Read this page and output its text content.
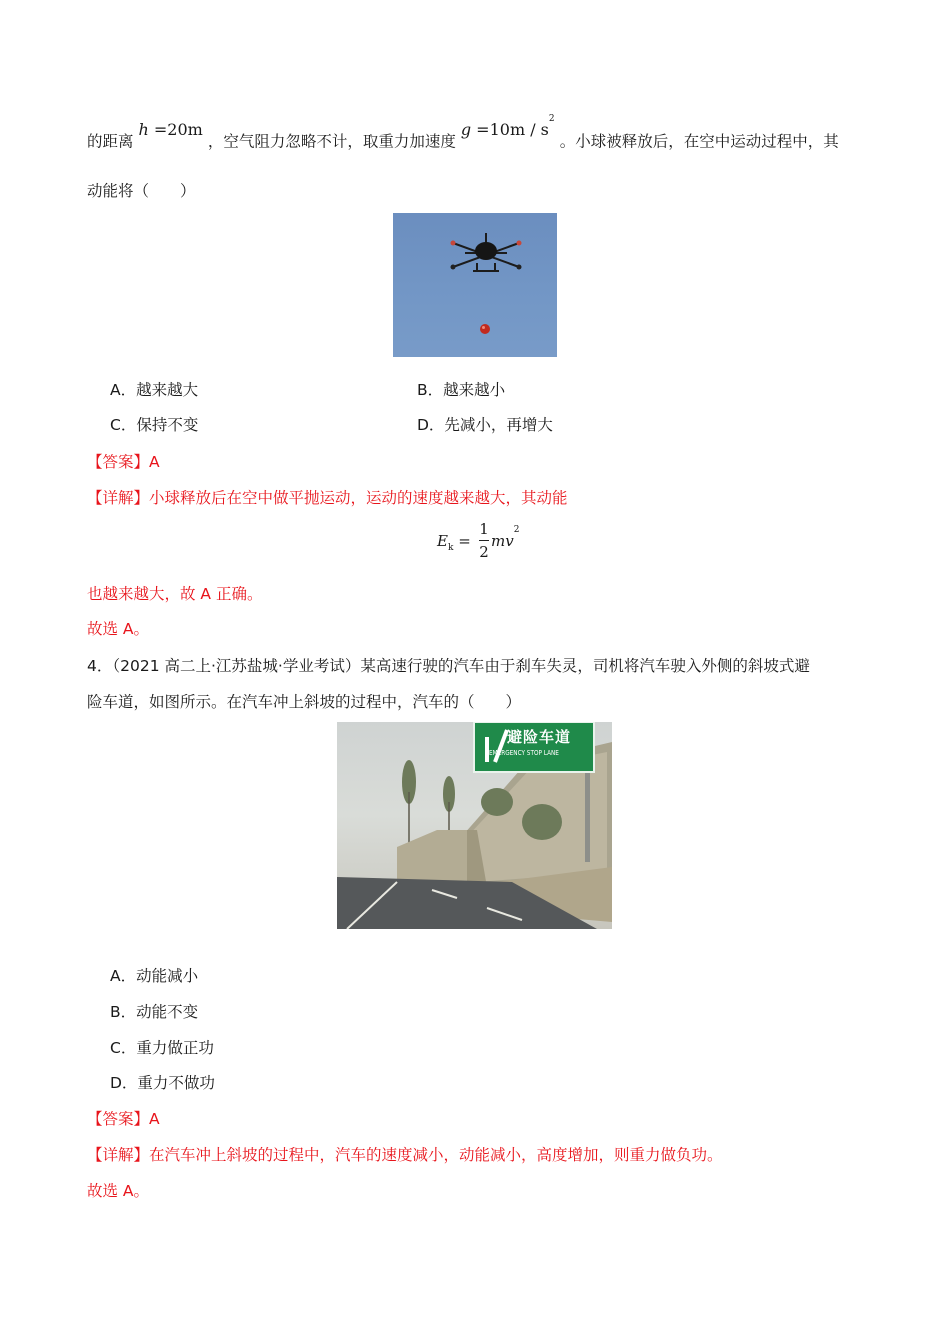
的距离 h =20m ，空气阻力忽略不计，取重力加速度 $g =10m / s^2$ 。小球被释放后，在空中运动过程中，其
动能将（　　）
A．越来越大	B．越来越小
C．保持不变	D．先减小，再增大
【答案】A
【详解】小球释放后在空中做平抛运动，运动的速度越来越大，其动能
$E_k$ =
1
2
$mv^2$
也越来越大，故 A 正确。
故选 A。
4．（2021 高二上·江苏盐城·学业考试）某高速行驶的汽车由于刹车失灵，司机将汽车驶入外侧的斜坡式避
险车道，如图所示。在汽车冲上斜坡的过程中，汽车的（　　）
避险车道
EMERGENCY STOP LANE
A．动能减小
B．动能不变
C．重力做正功
D．重力不做功
【答案】A
【详解】在汽车冲上斜坡的过程中，汽车的速度减小，动能减小，高度增加，则重力做负功。
故选 A。
